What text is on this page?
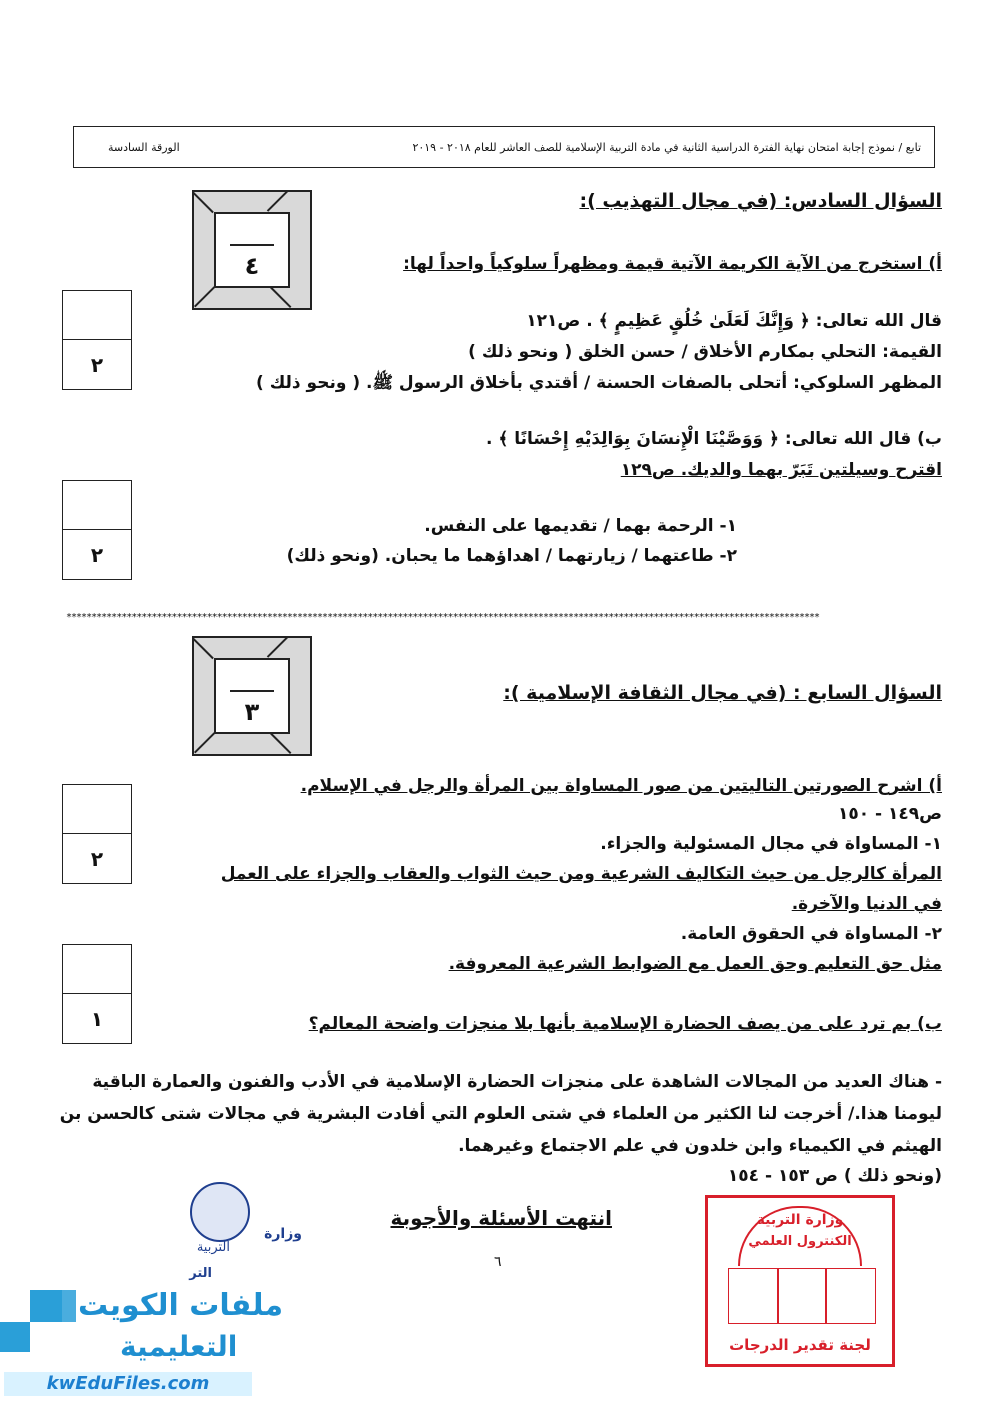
تابع / نموذج إجابة امتحان نهاية الفترة الدراسية الثانية في مادة التربية الإسلامية للصف العاشر للعام ٢٠١٨ - ٢٠١٩
الورقة السادسة
السؤال السادس: (في مجال التهذيب ):
٤	أ) استخرج من الآية الكريمة الآتية قيمة ومظهراً سلوكياً واحداً لها:
قال الله تعالى: ﴿ وَإِنَّكَ لَعَلَىٰ خُلُقٍ عَظِيمٍ ﴾ . ص١٢١
القيمة: التحلي بمكارم الأخلاق / حسن الخلق ( ونحو ذلك )
المظهر السلوكي: أتحلى بالصفات الحسنة / أقتدي بأخلاق الرسول ﷺ. ( ونحو ذلك )
٢
ب) قال الله تعالى: ﴿ وَوَصَّيْنَا الْإِنسَانَ بِوَالِدَيْهِ إِحْسَانًا ﴾ .
اقترح وسيلتين تَبَرّ بهما والديك. ص١٢٩
١- الرحمة بهما / تقديمها على النفس.
٢- طاعتهما / زيارتهما / اهداؤهما ما يحبان. (ونحو ذلك)
٢
******************************************************************************************************************************************************
٣
السؤال السابع : (في مجال الثقافة الإسلامية ):
أ) اشرح الصورتين التاليتين من صور المساواة بين المرأة والرجل في الإسلام.
ص١٤٩ - ١٥٠
١- المساواة في مجال المسئولية والجزاء.
المرأة كالرجل من حيث التكاليف الشرعية ومن حيث الثواب والعقاب والجزاء على العمل
في الدنيا والآخرة.
٢- المساواة في الحقوق العامة.
مثل حق التعليم وحق العمل مع الضوابط الشرعية المعروفة.
٢
١	ب) بم ترد على من يصف الحضارة الإسلامية بأنها بلا منجزات واضحة المعالم؟
- هناك العديد من المجالات الشاهدة على منجزات الحضارة الإسلامية في الأدب والفنون والعمارة الباقية
ليومنا هذا./ أخرجت لنا الكثير من العلماء في شتى العلوم التي أفادت البشرية في مجالات شتى كالحسن بن
الهيثم في الكيمياء وابن خلدون في علم الاجتماع وغيرهما.
(ونحو ذلك ) ص ١٥٣ - ١٥٤
انتهت الأسئلة والأجوبة
٦
وزارة التربية
الكنترول العلمي
لجنة تقدير الدرجات
وزارة
التربية
التر
ملفات الكويت
التعليمية
kwEduFiles.com
